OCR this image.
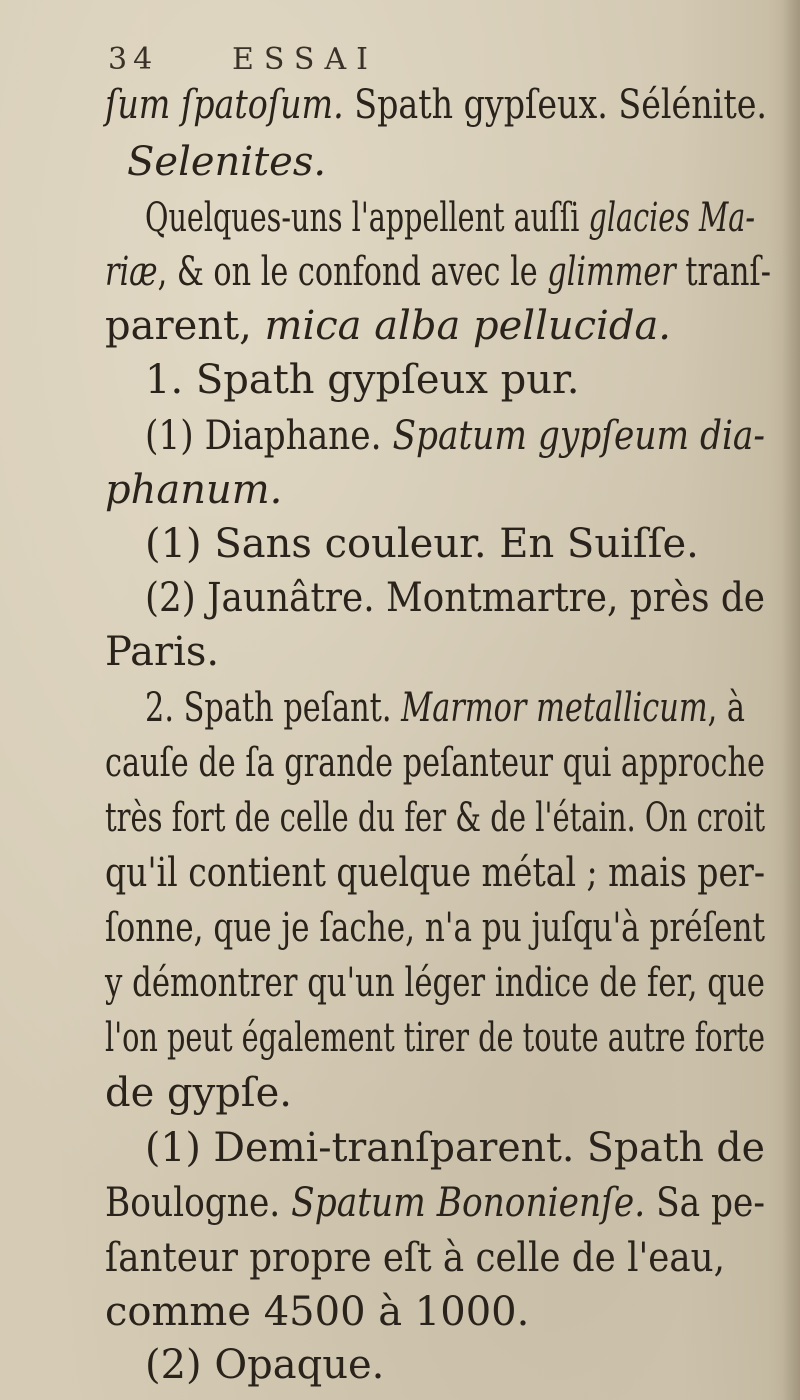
34 ESSAI
ſum ſpatoſum. Spath gypſeux. Sélénite.
Selenites.
Quelques-uns l'appellent auſſi glacies Ma-
riæ, & on le confond avec le glimmer tranſ-
parent, mica alba pellucida.
1. Spath gypſeux pur.
(1) Diaphane. Spatum gypſeum dia-
phanum.
(1) Sans couleur. En Suiſſe.
(2) Jaunâtre. Montmartre, près de
Paris.
2. Spath peſant. Marmor metallicum, à
cauſe de ſa grande peſanteur qui approche
très fort de celle du fer & de l'étain. On croit
qu'il contient quelque métal ; mais per-
ſonne, que je ſache, n'a pu juſqu'à préſent
y démontrer qu'un léger indice de fer, que
l'on peut également tirer de toute autre forte
de gypſe.
(1) Demi-tranſparent. Spath de
Boulogne. Spatum Bononienſe. Sa pe-
ſanteur propre eſt à celle de l'eau,
comme 4500 à 1000.
(2) Opaque.
